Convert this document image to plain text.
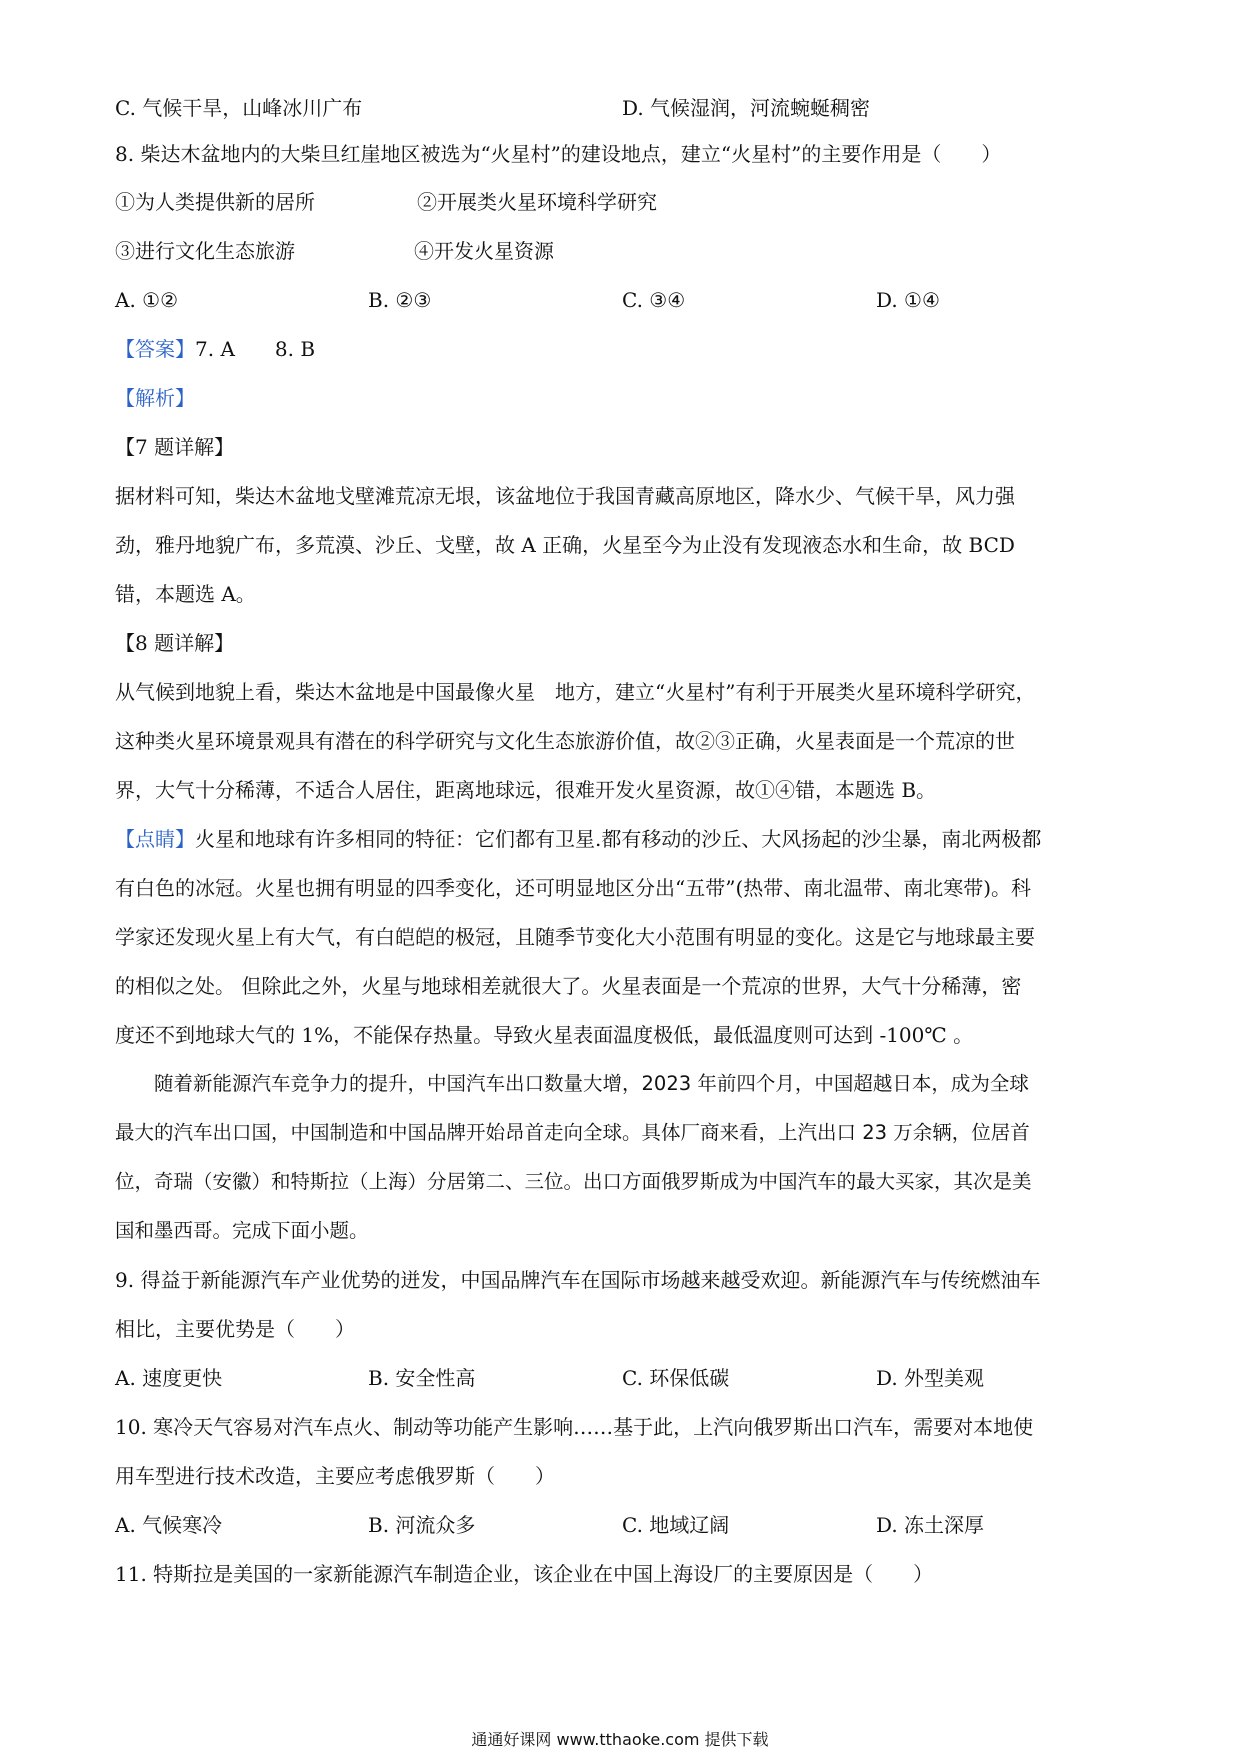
C. 气候干旱，山峰冰川广布	D. 气候湿润，河流蜿蜒稠密
8. 柴达木盆地内的大柴旦红崖地区被选为“火星村”的建设地点，建立“火星村”的主要作用是（　　）
①为人类提供新的居所	②开展类火星环境科学研究
③进行文化生态旅游	④开发火星资源
A. ①②	B. ②③	C. ③④	D. ①④
【答案】7. A　　8. B
【解析】
【7 题详解】
据材料可知，柴达木盆地戈壁滩荒凉无垠，该盆地位于我国青藏高原地区，降水少、气候干旱，风力强
劲，雅丹地貌广布，多荒漠、沙丘、戈壁，故 A 正确，火星至今为止没有发现液态水和生命，故 BCD
错，本题选 A。
【8 题详解】
从气候到地貌上看，柴达木盆地是中国最像火星　地方，建立“火星村”有利于开展类火星环境科学研究，
这种类火星环境景观具有潜在的科学研究与文化生态旅游价值，故②③正确，火星表面是一个荒凉的世
界，大气十分稀薄，不适合人居住，距离地球远，很难开发火星资源，故①④错，本题选 B。
【点睛】火星和地球有许多相同的特征：它们都有卫星.都有移动的沙丘、大风扬起的沙尘暴，南北两极都
有白色的冰冠。火星也拥有明显的四季变化，还可明显地区分出“五带”(热带、南北温带、南北寒带)。科
学家还发现火星上有大气，有白皑皑的极冠，且随季节变化大小范围有明显的变化。这是它与地球最主要
的相似之处。 但除此之外，火星与地球相差就很大了。火星表面是一个荒凉的世界，大气十分稀薄，密
度还不到地球大气的 1%，不能保存热量。导致火星表面温度极低，最低温度则可达到 -100℃ 。
　　随着新能源汽车竞争力的提升，中国汽车出口数量大增，2023 年前四个月，中国超越日本，成为全球
最大的汽车出口国，中国制造和中国品牌开始昂首走向全球。具体厂商来看，上汽出口 23 万余辆，位居首
位，奇瑞（安徽）和特斯拉（上海）分居第二、三位。出口方面俄罗斯成为中国汽车的最大买家，其次是美
国和墨西哥。完成下面小题。
9. 得益于新能源汽车产业优势的迸发，中国品牌汽车在国际市场越来越受欢迎。新能源汽车与传统燃油车
相比，主要优势是（　　）
A. 速度更快	B. 安全性高	C. 环保低碳	D. 外型美观
10. 寒冷天气容易对汽车点火、制动等功能产生影响……基于此，上汽向俄罗斯出口汽车，需要对本地使
用车型进行技术改造，主要应考虑俄罗斯（　　）
A. 气候寒冷	B. 河流众多	C. 地域辽阔	D. 冻土深厚
11. 特斯拉是美国的一家新能源汽车制造企业，该企业在中国上海设厂的主要原因是（　　）
通通好课网 www.tthaoke.com 提供下载
